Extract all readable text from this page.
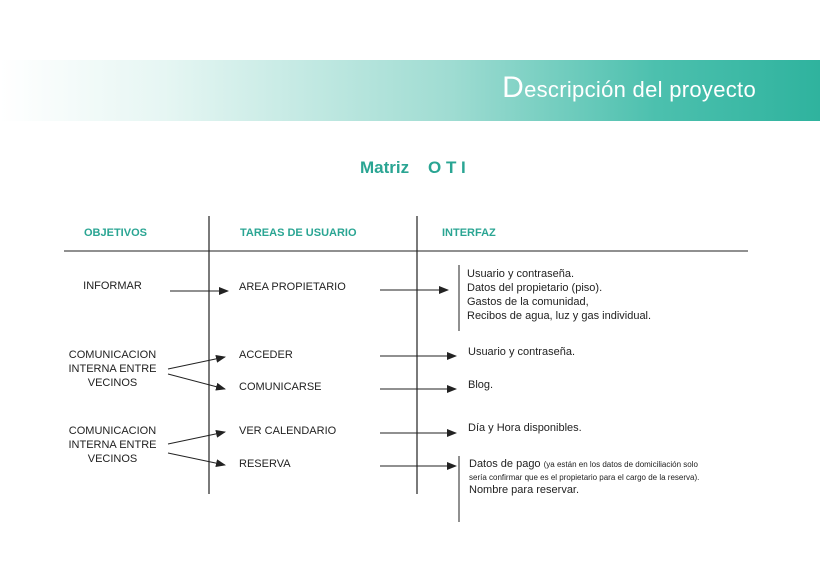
Descripción del proyecto
Matriz    O T I
OBJETIVOS	TAREAS DE USUARIO	INTERFAZ
INFORMAR
COMUNICACION
INTERNA ENTRE
VECINOS
COMUNICACION
INTERNA ENTRE
VECINOS
AREA PROPIETARIO
ACCEDER
COMUNICARSE
VER CALENDARIO
RESERVA
Usuario y contraseña.
Datos del propietario (piso).
Gastos de la comunidad,
Recibos de agua, luz y gas individual.
Usuario y contraseña.
Blog.
Día y Hora disponibles.
Datos de pago (ya están en los datos de domiciliación solo
sería confirmar que es el propietario para el cargo de la reserva).
Nombre para reservar.
